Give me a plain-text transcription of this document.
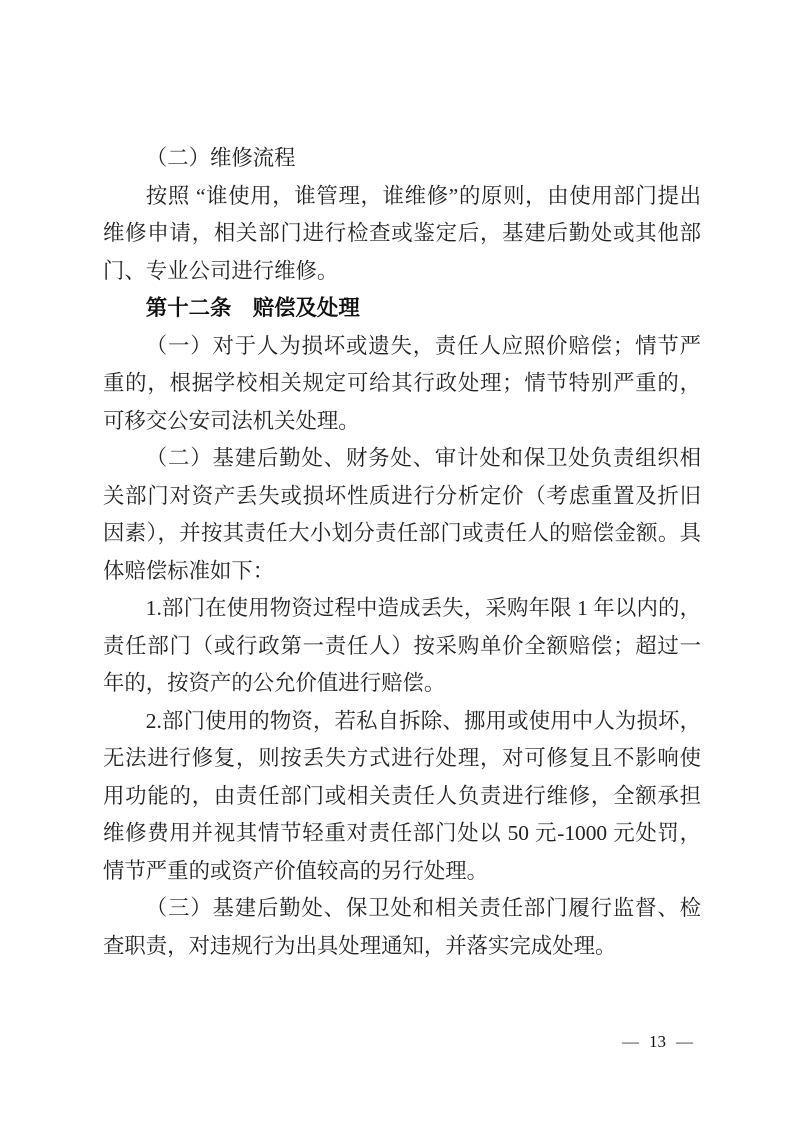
（二）维修流程

按照 “谁使用，谁管理，谁维修”的原则，由使用部门提出维修申请，相关部门进行检查或鉴定后，基建后勤处或其他部门、专业公司进行维修。

第十二条　赔偿及处理

（一）对于人为损坏或遗失，责任人应照价赔偿；情节严重的，根据学校相关规定可给其行政处理；情节特别严重的，可移交公安司法机关处理。

（二）基建后勤处、财务处、审计处和保卫处负责组织相关部门对资产丢失或损坏性质进行分析定价（考虑重置及折旧因素），并按其责任大小划分责任部门或责任人的赔偿金额。具体赔偿标准如下：

1.部门在使用物资过程中造成丢失，采购年限 1 年以内的，责任部门（或行政第一责任人）按采购单价全额赔偿；超过一年的，按资产的公允价值进行赔偿。

2.部门使用的物资，若私自拆除、挪用或使用中人为损坏，无法进行修复，则按丢失方式进行处理，对可修复且不影响使用功能的，由责任部门或相关责任人负责进行维修，全额承担维修费用并视其情节轻重对责任部门处以 50 元-1000 元处罚，情节严重的或资产价值较高的另行处理。

（三）基建后勤处、保卫处和相关责任部门履行监督、检查职责，对违规行为出具处理通知，并落实完成处理。

— 13 —
